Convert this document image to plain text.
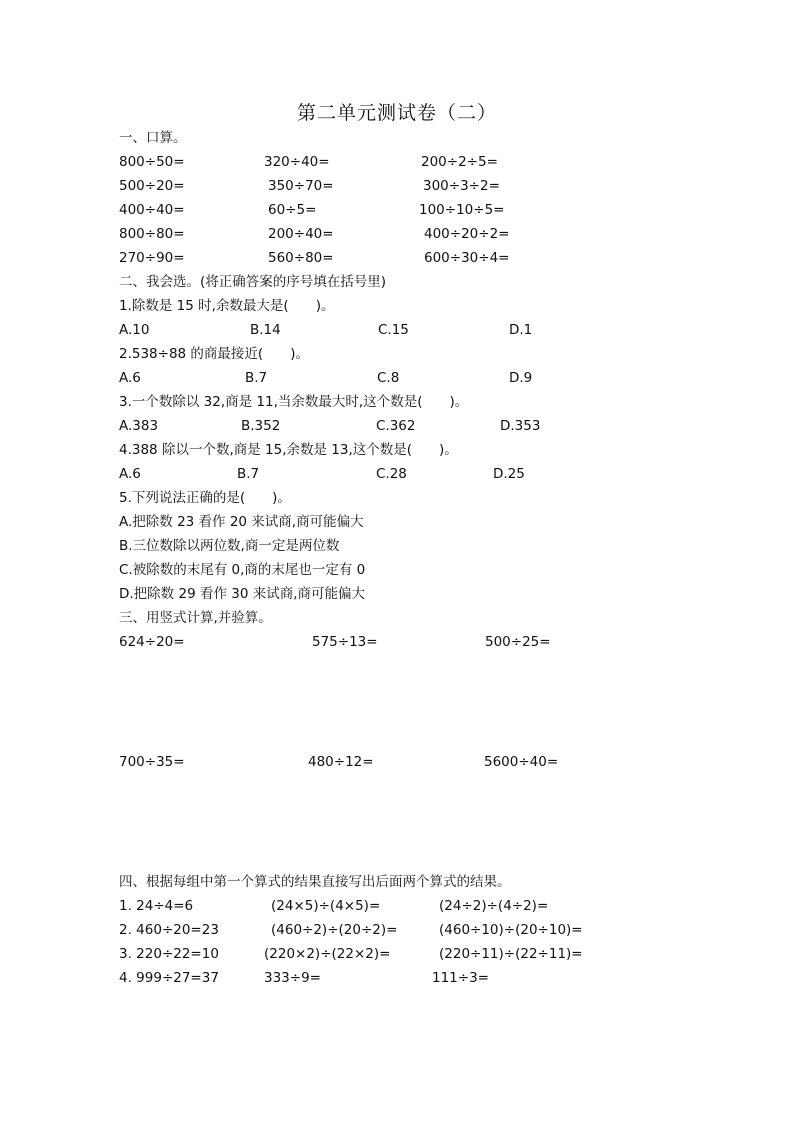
第二单元测试卷（二）
一、口算。
800÷50=	320÷40=	200÷2÷5=
500÷20=	350÷70=	300÷3÷2=
400÷40=	60÷5=	100÷10÷5=
800÷80=	200÷40=	400÷20÷2=
270÷90=	560÷80=	600÷30÷4=
二、我会选。(将正确答案的序号填在括号里)
1.除数是 15 时,余数最大是(　　)。
A.10	B.14	C.15	D.1
2.538÷88 的商最接近(　　)。
A.6	B.7	C.8	D.9
3.一个数除以 32,商是 11,当余数最大时,这个数是(　　)。
A.383	B.352	C.362	D.353
4.388 除以一个数,商是 15,余数是 13,这个数是(　　)。
A.6	B.7	C.28	D.25
5.下列说法正确的是(　　)。
A.把除数 23 看作 20 来试商,商可能偏大
B.三位数除以两位数,商一定是两位数
C.被除数的末尾有 0,商的末尾也一定有 0
D.把除数 29 看作 30 来试商,商可能偏大
三、用竖式计算,并验算。
624÷20=	575÷13=	500÷25=
700÷35=	480÷12=	5600÷40=
四、根据每组中第一个算式的结果直接写出后面两个算式的结果。
1. 24÷4=6	(24×5)÷(4×5)=	(24÷2)÷(4÷2)=
2. 460÷20=23	(460÷2)÷(20÷2)=	(460÷10)÷(20÷10)=
3. 220÷22=10	(220×2)÷(22×2)=	(220÷11)÷(22÷11)=
4. 999÷27=37	333÷9=	111÷3=
